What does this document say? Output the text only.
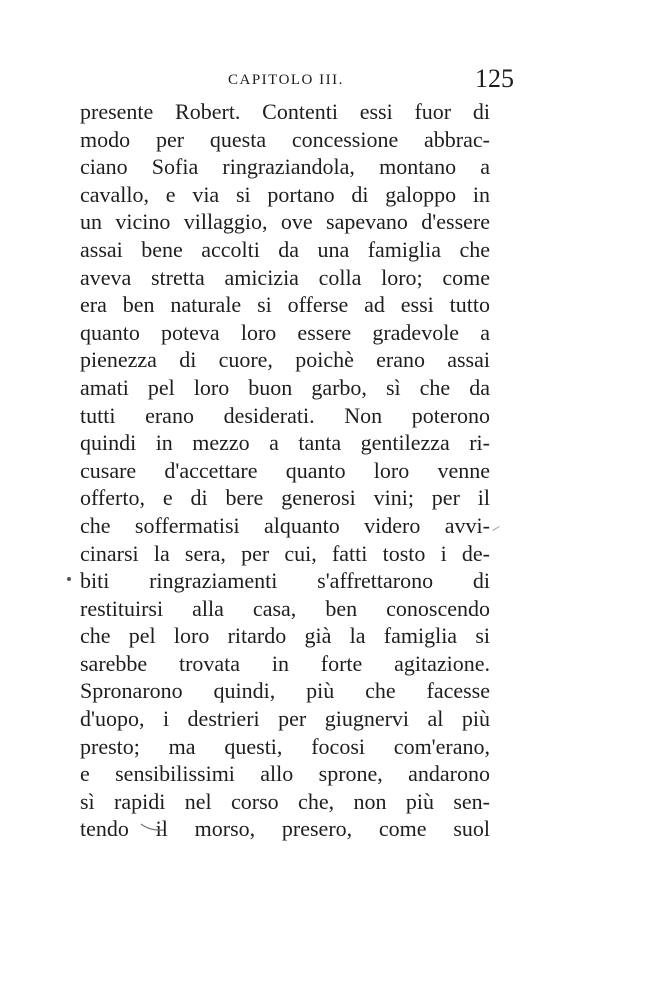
CAPITOLO III.	125
presente Robert. Contenti essi fuor di
modo per questa concessione abbrac-
ciano Sofia ringraziandola, montano a
cavallo, e via si portano di galoppo in
un vicino villaggio, ove sapevano d'essere
assai bene accolti da una famiglia che
aveva stretta amicizia colla loro; come
era ben naturale si offerse ad essi tutto
quanto poteva loro essere gradevole a
pienezza di cuore, poichè erano assai
amati pel loro buon garbo, sì che da
tutti erano desiderati. Non poterono
quindi in mezzo a tanta gentilezza ri-
cusare d'accettare quanto loro venne
offerto, e di bere generosi vini; per il
che soffermatisi alquanto videro avvi-
cinarsi la sera, per cui, fatti tosto i de-
biti ringraziamenti s'affrettarono di
restituirsi alla casa, ben conoscendo
che pel loro ritardo già la famiglia si
sarebbe trovata in forte agitazione.
Spronarono quindi, più che facesse
d'uopo, i destrieri per giugnervi al più
presto; ma questi, focosi com'erano,
e sensibilissimi allo sprone, andarono
sì rapidi nel corso che, non più sen-
tendo il morso, presero, come suol
